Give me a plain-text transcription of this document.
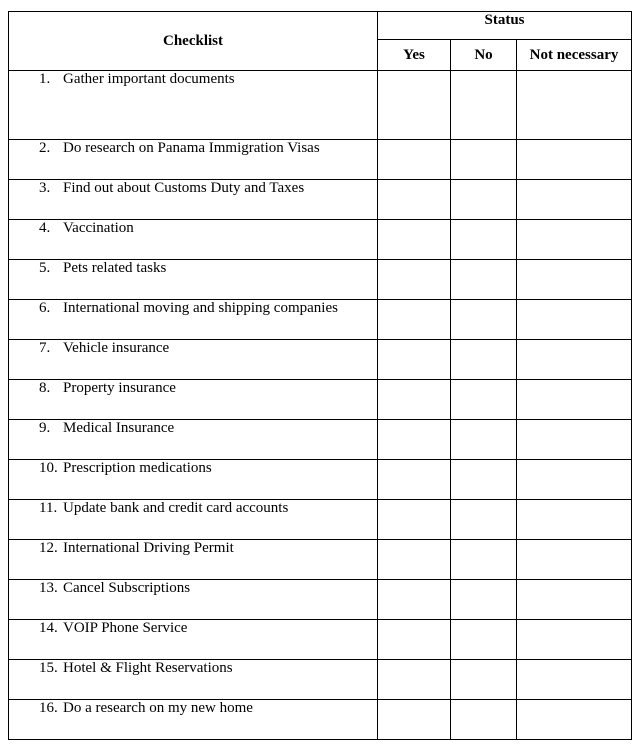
Checklist	Status		
	Yes	No	Not necessary
1. Gather important documents			
2. Do research on Panama Immigration Visas			
3. Find out about Customs Duty and Taxes			
4. Vaccination			
5. Pets related tasks			
6. International moving and shipping companies			
7. Vehicle insurance			
8. Property insurance			
9. Medical Insurance			
10. Prescription medications			
11. Update bank and credit card accounts			
12. International Driving Permit			
13. Cancel Subscriptions			
14. VOIP Phone Service			
15. Hotel & Flight Reservations			
16. Do a research on my new home			
